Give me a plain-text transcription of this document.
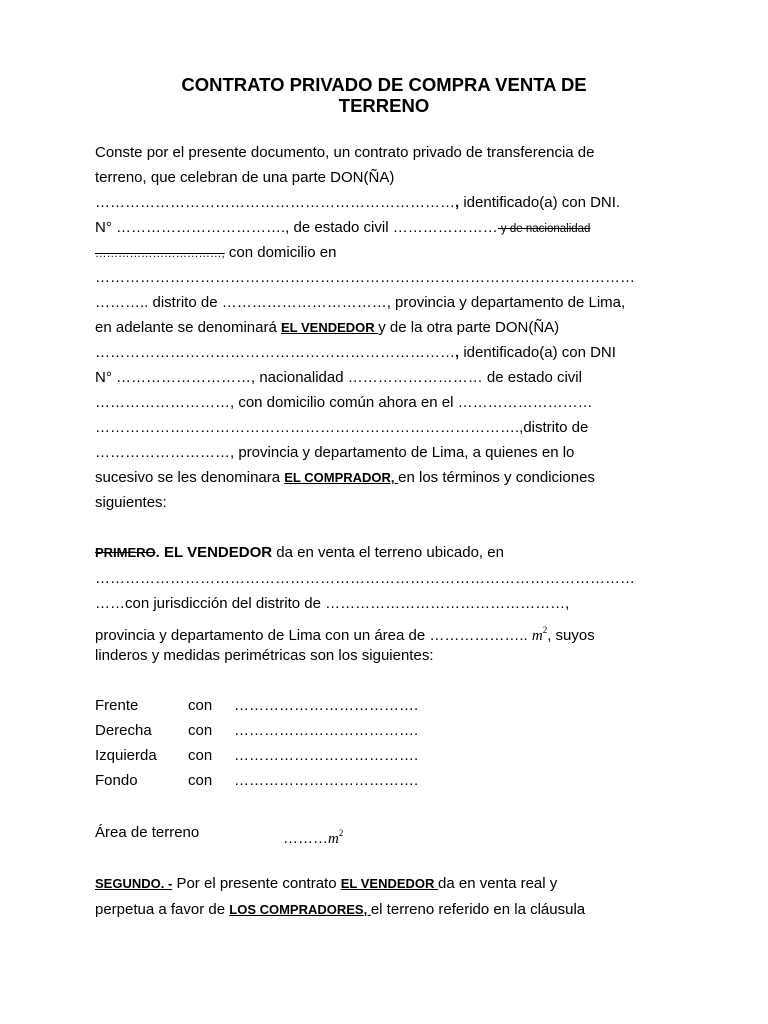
CONTRATO PRIVADO DE COMPRA VENTA DE
TERRENO
Conste por el presente documento, un contrato privado de transferencia de
terreno, que celebran de una parte DON(ÑA)
………………………………………………………………, identificado(a) con DNI.
N° ……………………………., de estado civil ………………… y de nacionalidad
……………………………, con domicilio en
………………………………………………………………………………………………
……….. distrito de ……………………………, provincia y departamento de Lima,
en adelante se denominará EL VENDEDOR y de la otra parte DON(ÑA)
………………………………………………………………, identificado(a) con DNI
N° ………………………, nacionalidad ……………………… de estado civil
………………………, con domicilio común ahora en el ………………………
………………………………………………………………………….,distrito de
………………………, provincia y departamento de Lima, a quienes en lo
sucesivo se les denominara EL COMPRADOR, en los términos y condiciones
siguientes:
PRIMERO. EL VENDEDOR da en venta el terreno ubicado, en
………………………………………………………………………………………………
……con jurisdicción del distrito de …………………………………………,
provincia y departamento de Lima con un área de ……………….. $m^2$, suyos
linderos y medidas perimétricas son los siguientes:
Frente	con ……………………………….
Derecha con ……………………………….
Izquierda con ……………………………….
Fondo	con ……………………………….
Área de terreno	$\dots\dots\dots m^2$
SEGUNDO. - Por el presente contrato EL VENDEDOR da en venta real y
perpetua a favor de LOS COMPRADORES, el terreno referido en la cláusula
